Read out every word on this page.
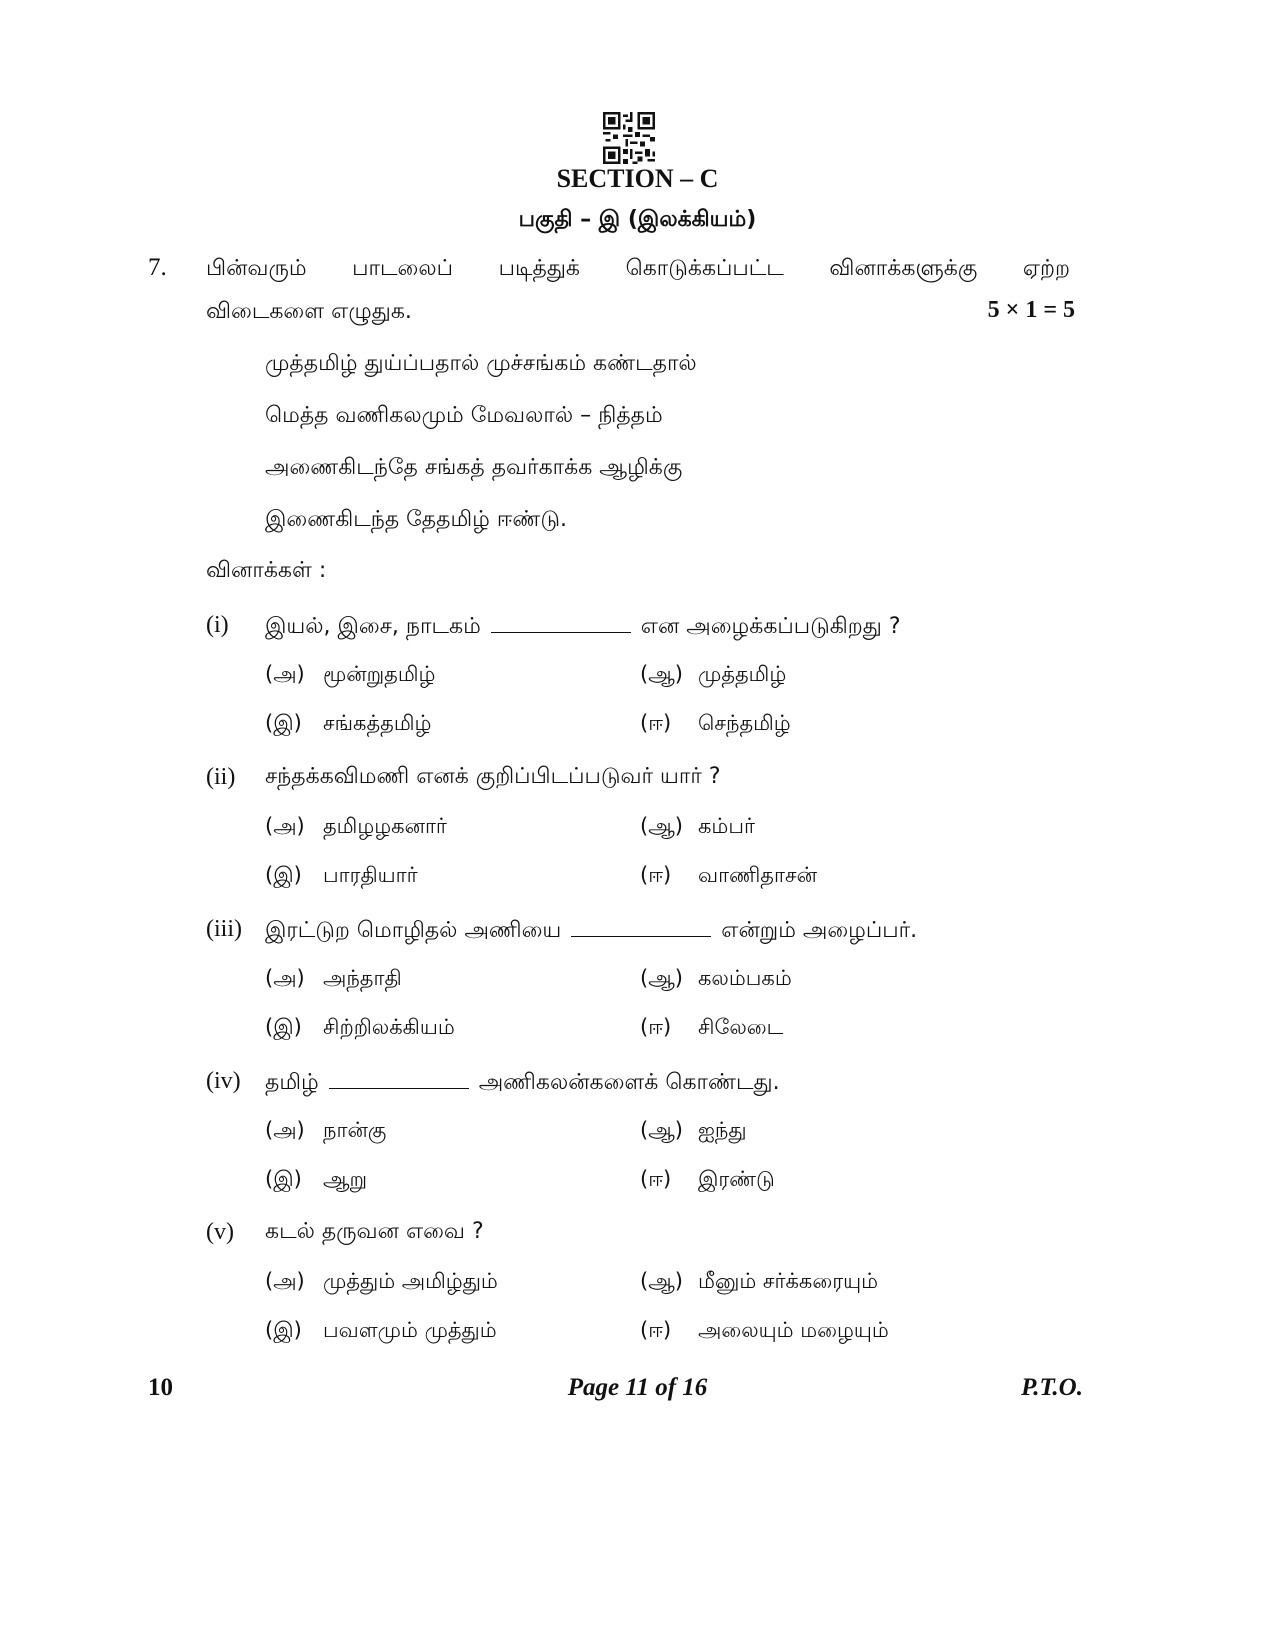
SECTION – C
பகுதி – இ (இலக்கியம்)
7. பின்வரும் பாடலைப் படித்துக் கொடுக்கப்பட்ட வினாக்களுக்கு ஏற்ற
விடைகளை எழுதுக.	5 × 1 = 5
முத்தமிழ் துய்ப்பதால் முச்சங்கம் கண்டதால்
மெத்த வணிகலமும் மேவலால் – நித்தம்
அணைகிடந்தே சங்கத் தவர்காக்க ஆழிக்கு
இணைகிடந்த தேதமிழ் ஈண்டு.
வினாக்கள் :
(i) இயல், இசை, நாடகம்	என அழைக்கப்படுகிறது ?
(அ) மூன்றுதமிழ்	(ஆ) முத்தமிழ்
(இ) சங்கத்தமிழ்	(ஈ) செந்தமிழ்
(ii) சந்தக்கவிமணி எனக் குறிப்பிடப்படுவர் யார் ?
(அ) தமிழழகனார்	(ஆ) கம்பர்
(இ) பாரதியார்	(ஈ) வாணிதாசன்
(iii) இரட்டுற மொழிதல் அணியை	என்றும் அழைப்பர்.
(அ) அந்தாதி	(ஆ) கலம்பகம்
(இ) சிற்றிலக்கியம்	(ஈ) சிலேடை
(iv) தமிழ்	அணிகலன்களைக் கொண்டது.
(அ) நான்கு	(ஆ) ஐந்து
(இ) ஆறு	(ஈ) இரண்டு
(v) கடல் தருவன எவை ?
(அ) முத்தும் அமிழ்தும்	(ஆ) மீனும் சர்க்கரையும்
(இ) பவளமும் முத்தும்	(ஈ) அலையும் மழையும்
10	Page 11 of 16	P.T.O.
